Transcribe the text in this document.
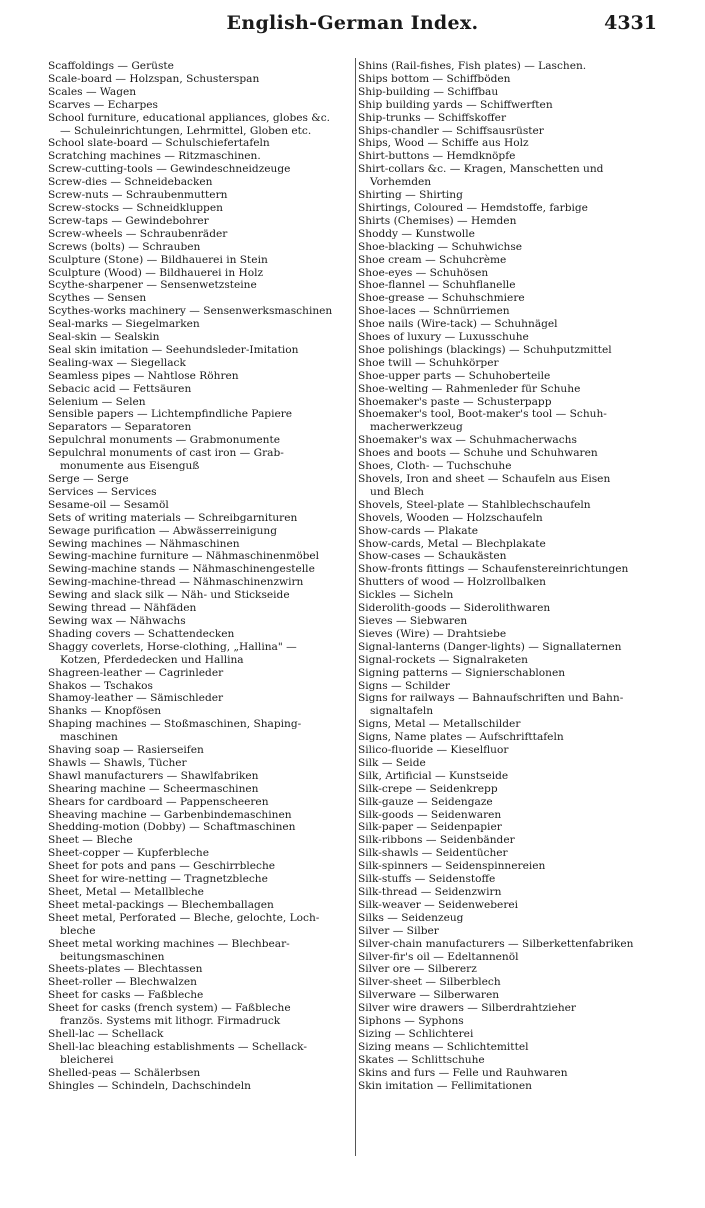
English-German Index.	4331
Scaffoldings — Gerüste
Scale-board — Holzspan, Schusterspan
Scales — Wagen
Scarves — Echarpes
School furniture, educational appliances, globes &c.
— Schuleinrichtungen, Lehrmittel, Globen etc.
School slate-board — Schulschiefertafeln
Scratching machines — Ritzmaschinen.
Screw-cutting-tools — Gewindeschneidzeuge
Screw-dies — Schneidebacken
Screw-nuts — Schraubenmuttern
Screw-stocks — Schneidkluppen
Screw-taps — Gewindebohrer
Screw-wheels — Schraubenräder
Screws (bolts) — Schrauben
Sculpture (Stone) — Bildhauerei in Stein
Sculpture (Wood) — Bildhauerei in Holz
Scythe-sharpener — Sensenwetzsteine
Scythes — Sensen
Scythes-works machinery — Sensenwerksmaschinen
Seal-marks — Siegelmarken
Seal-skin — Sealskin
Seal skin imitation — Seehundsleder-Imitation
Sealing-wax — Siegellack
Seamless pipes — Nahtlose Röhren
Sebacic acid — Fettsäuren
Selenium — Selen
Sensible papers — Lichtempfindliche Papiere
Separators — Separatoren
Sepulchral monuments — Grabmonumente
Sepulchral monuments of cast iron — Grab-
monumente aus Eisenguß
Serge — Serge
Services — Services
Sesame-oil — Sesamöl
Sets of writing materials — Schreibgarnituren
Sewage purification — Abwässerreinigung
Sewing machines — Nähmaschinen
Sewing-machine furniture — Nähmaschinenmöbel
Sewing-machine stands — Nähmaschinengestelle
Sewing-machine-thread — Nähmaschinenzwirn
Sewing and slack silk — Näh- und Stickseide
Sewing thread — Nähfäden
Sewing wax — Nähwachs
Shading covers — Schattendecken
Shaggy coverlets, Horse-clothing, „Hallina" —
Kotzen, Pferdedecken und Hallina
Shagreen-leather — Cagrinleder
Shakos — Tschakos
Shamoy-leather — Sämischleder
Shanks — Knopfösen
Shaping machines — Stoßmaschinen, Shaping-
maschinen
Shaving soap — Rasierseifen
Shawls — Shawls, Tücher
Shawl manufacturers — Shawlfabriken
Shearing machine — Scheermaschinen
Shears for cardboard — Pappenscheeren
Sheaving machine — Garbenbindemaschinen
Shedding-motion (Dobby) — Schaftmaschinen
Sheet — Bleche
Sheet-copper — Kupferbleche
Sheet for pots and pans — Geschirrbleche
Sheet for wire-netting — Tragnetzbleche
Sheet, Metal — Metallbleche
Sheet metal-packings — Blechemballagen
Sheet metal, Perforated — Bleche, gelochte, Loch-
bleche
Sheet metal working machines — Blechbear-
beitungsmaschinen
Sheets-plates — Blechtassen
Sheet-roller — Blechwalzen
Sheet for casks — Faßbleche
Sheet for casks (french system) — Faßbleche
französ. Systems mit lithogr. Firmadruck
Shell-lac — Schellack
Shell-lac bleaching establishments — Schellack-
bleicherei
Shelled-peas — Schälerbsen
Shingles — Schindeln, Dachschindeln
Shins (Rail-fishes, Fish plates) — Laschen.
Ships bottom — Schiffböden
Ship-building — Schiffbau
Ship building yards — Schiffwerften
Ship-trunks — Schiffskoffer
Ships-chandler — Schiffsausrüster
Ships, Wood — Schiffe aus Holz
Shirt-buttons — Hemdknöpfe
Shirt-collars &c. — Kragen, Manschetten und
Vorhemden
Shirting — Shirting
Shirtings, Coloured — Hemdstoffe, farbige
Shirts (Chemises) — Hemden
Shoddy — Kunstwolle
Shoe-blacking — Schuhwichse
Shoe cream — Schuhcrème
Shoe-eyes — Schuhösen
Shoe-flannel — Schuhflanelle
Shoe-grease — Schuhschmiere
Shoe-laces — Schnürriemen
Shoe nails (Wire-tack) — Schuhnägel
Shoes of luxury — Luxusschuhe
Shoe polishings (blackings) — Schuhputzmittel
Shoe twill — Schuhkörper
Shoe-upper parts — Schuhoberteile
Shoe-welting — Rahmenleder für Schuhe
Shoemaker's paste — Schusterpapp
Shoemaker's tool, Boot-maker's tool — Schuh-
macherwerkzeug
Shoemaker's wax — Schuhmacherwachs
Shoes and boots — Schuhe und Schuhwaren
Shoes, Cloth- — Tuchschuhe
Shovels, Iron and sheet — Schaufeln aus Eisen
und Blech
Shovels, Steel-plate — Stahlblechschaufeln
Shovels, Wooden — Holzschaufeln
Show-cards — Plakate
Show-cards, Metal — Blechplakate
Show-cases — Schaukästen
Show-fronts fittings — Schaufenstereinrichtungen
Shutters of wood — Holzrollbalken
Sickles — Sicheln
Siderolith-goods — Siderolithwaren
Sieves — Siebwaren
Sieves (Wire) — Drahtsiebe
Signal-lanterns (Danger-lights) — Signallaternen
Signal-rockets — Signalraketen
Signing patterns — Signierschablonen
Signs — Schilder
Signs for railways — Bahnaufschriften und Bahn-
signaltafeln
Signs, Metal — Metallschilder
Signs, Name plates — Aufschrifttafeln
Silico-fluoride — Kieselfluor
Silk — Seide
Silk, Artificial — Kunstseide
Silk-crepe — Seidenkrepp
Silk-gauze — Seidengaze
Silk-goods — Seidenwaren
Silk-paper — Seidenpapier
Silk-ribbons — Seidenbänder
Silk-shawls — Seidentücher
Silk-spinners — Seidenspinnereien
Silk-stuffs — Seidenstoffe
Silk-thread — Seidenzwirn
Silk-weaver — Seidenweberei
Silks — Seidenzeug
Silver — Silber
Silver-chain manufacturers — Silberkettenfabriken
Silver-fir's oil — Edeltannenöl
Silver ore — Silbererz
Silver-sheet — Silberblech
Silverware — Silberwaren
Silver wire drawers — Silberdrahtzieher
Siphons — Syphons
Sizing — Schlichterei
Sizing means — Schlichtemittel
Skates — Schlittschuhe
Skins and furs — Felle und Rauhwaren
Skin imitation — Fellimitationen
